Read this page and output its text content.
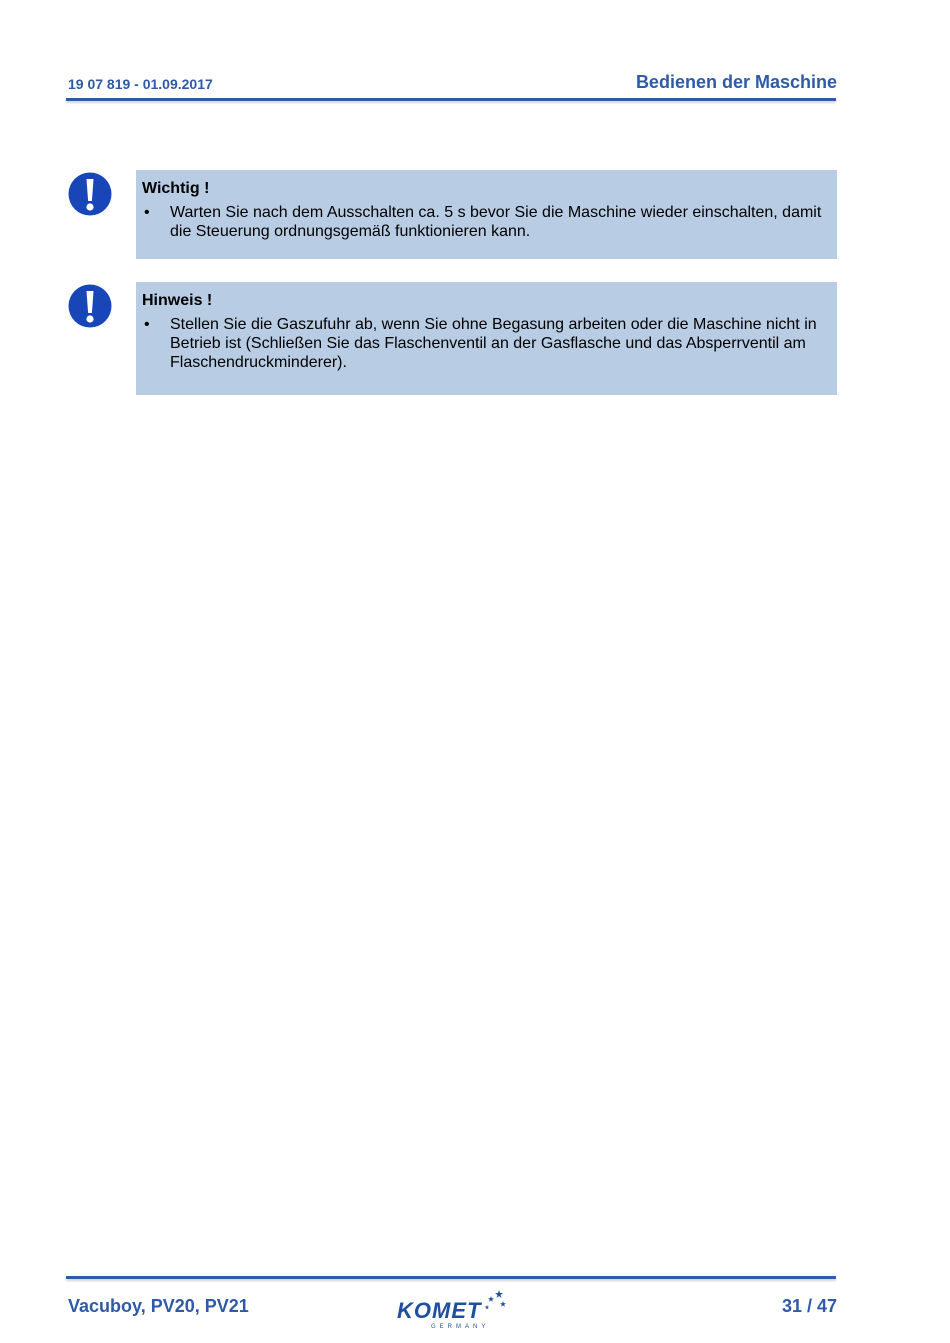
19 07 819 - 01.09.2017	Bedienen der Maschine
Wichtig !
• Warten Sie nach dem Ausschalten ca. 5 s bevor Sie die Maschine wieder einschalten, damit die Steuerung ordnungsgemäß funktionieren kann.
Hinweis !
• Stellen Sie die Gaszufuhr ab, wenn Sie ohne Begasung arbeiten oder die Maschine nicht in Betrieb ist (Schließen Sie das Flaschenventil an der Gasflasche und das Absperrventil am Flaschendruckminderer).
Vacuboy, PV20, PV21	KOMET
GERMANY
31 / 47
